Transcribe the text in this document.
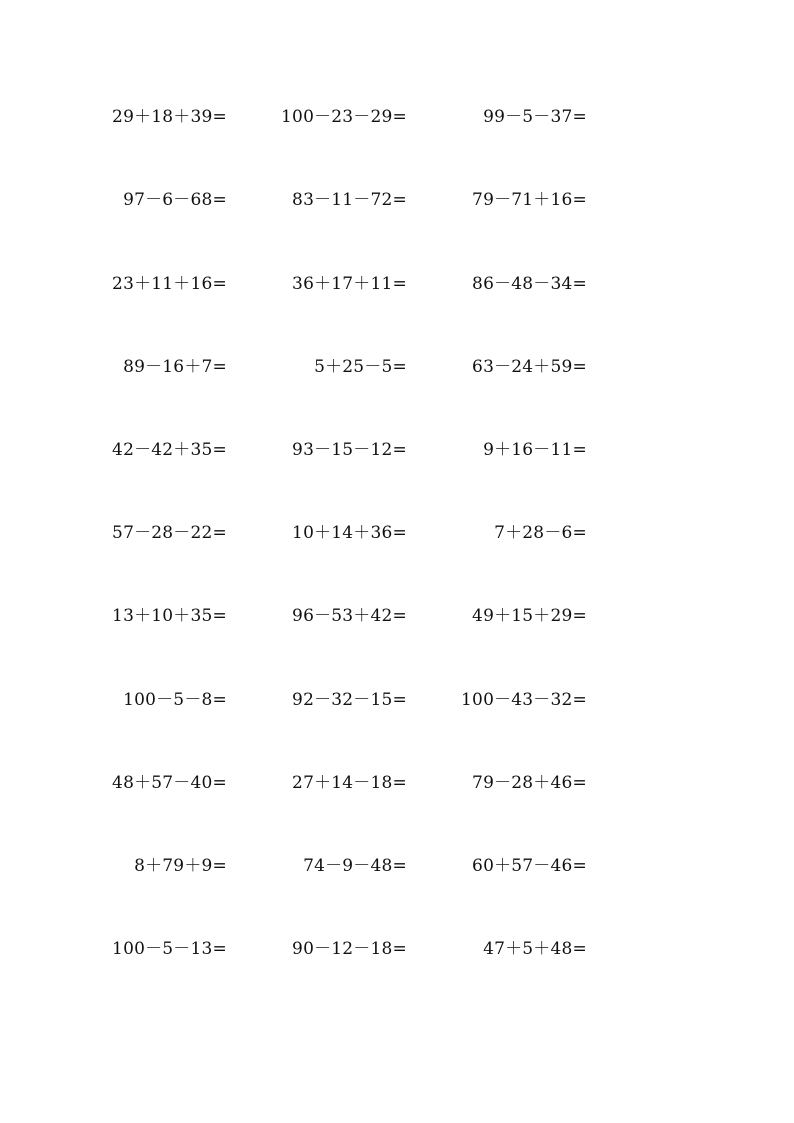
29＋18＋39=	100－23－29=	99－5－37=
97－6－68=	83－11－72=	79－71＋16=
23＋11＋16=	36＋17＋11=	86－48－34=
89－16＋7=	5＋25－5=	63－24＋59=
42－42＋35=	93－15－12=	9＋16－11=
57－28－22=	10＋14＋36=	7＋28－6=
13＋10＋35=	96－53＋42=	49＋15＋29=
100－5－8=	92－32－15=	100－43－32=
48＋57－40=	27＋14－18=	79－28＋46=
8＋79＋9=	74－9－48=	60＋57－46=
100－5－13=	90－12－18=	47＋5＋48=
